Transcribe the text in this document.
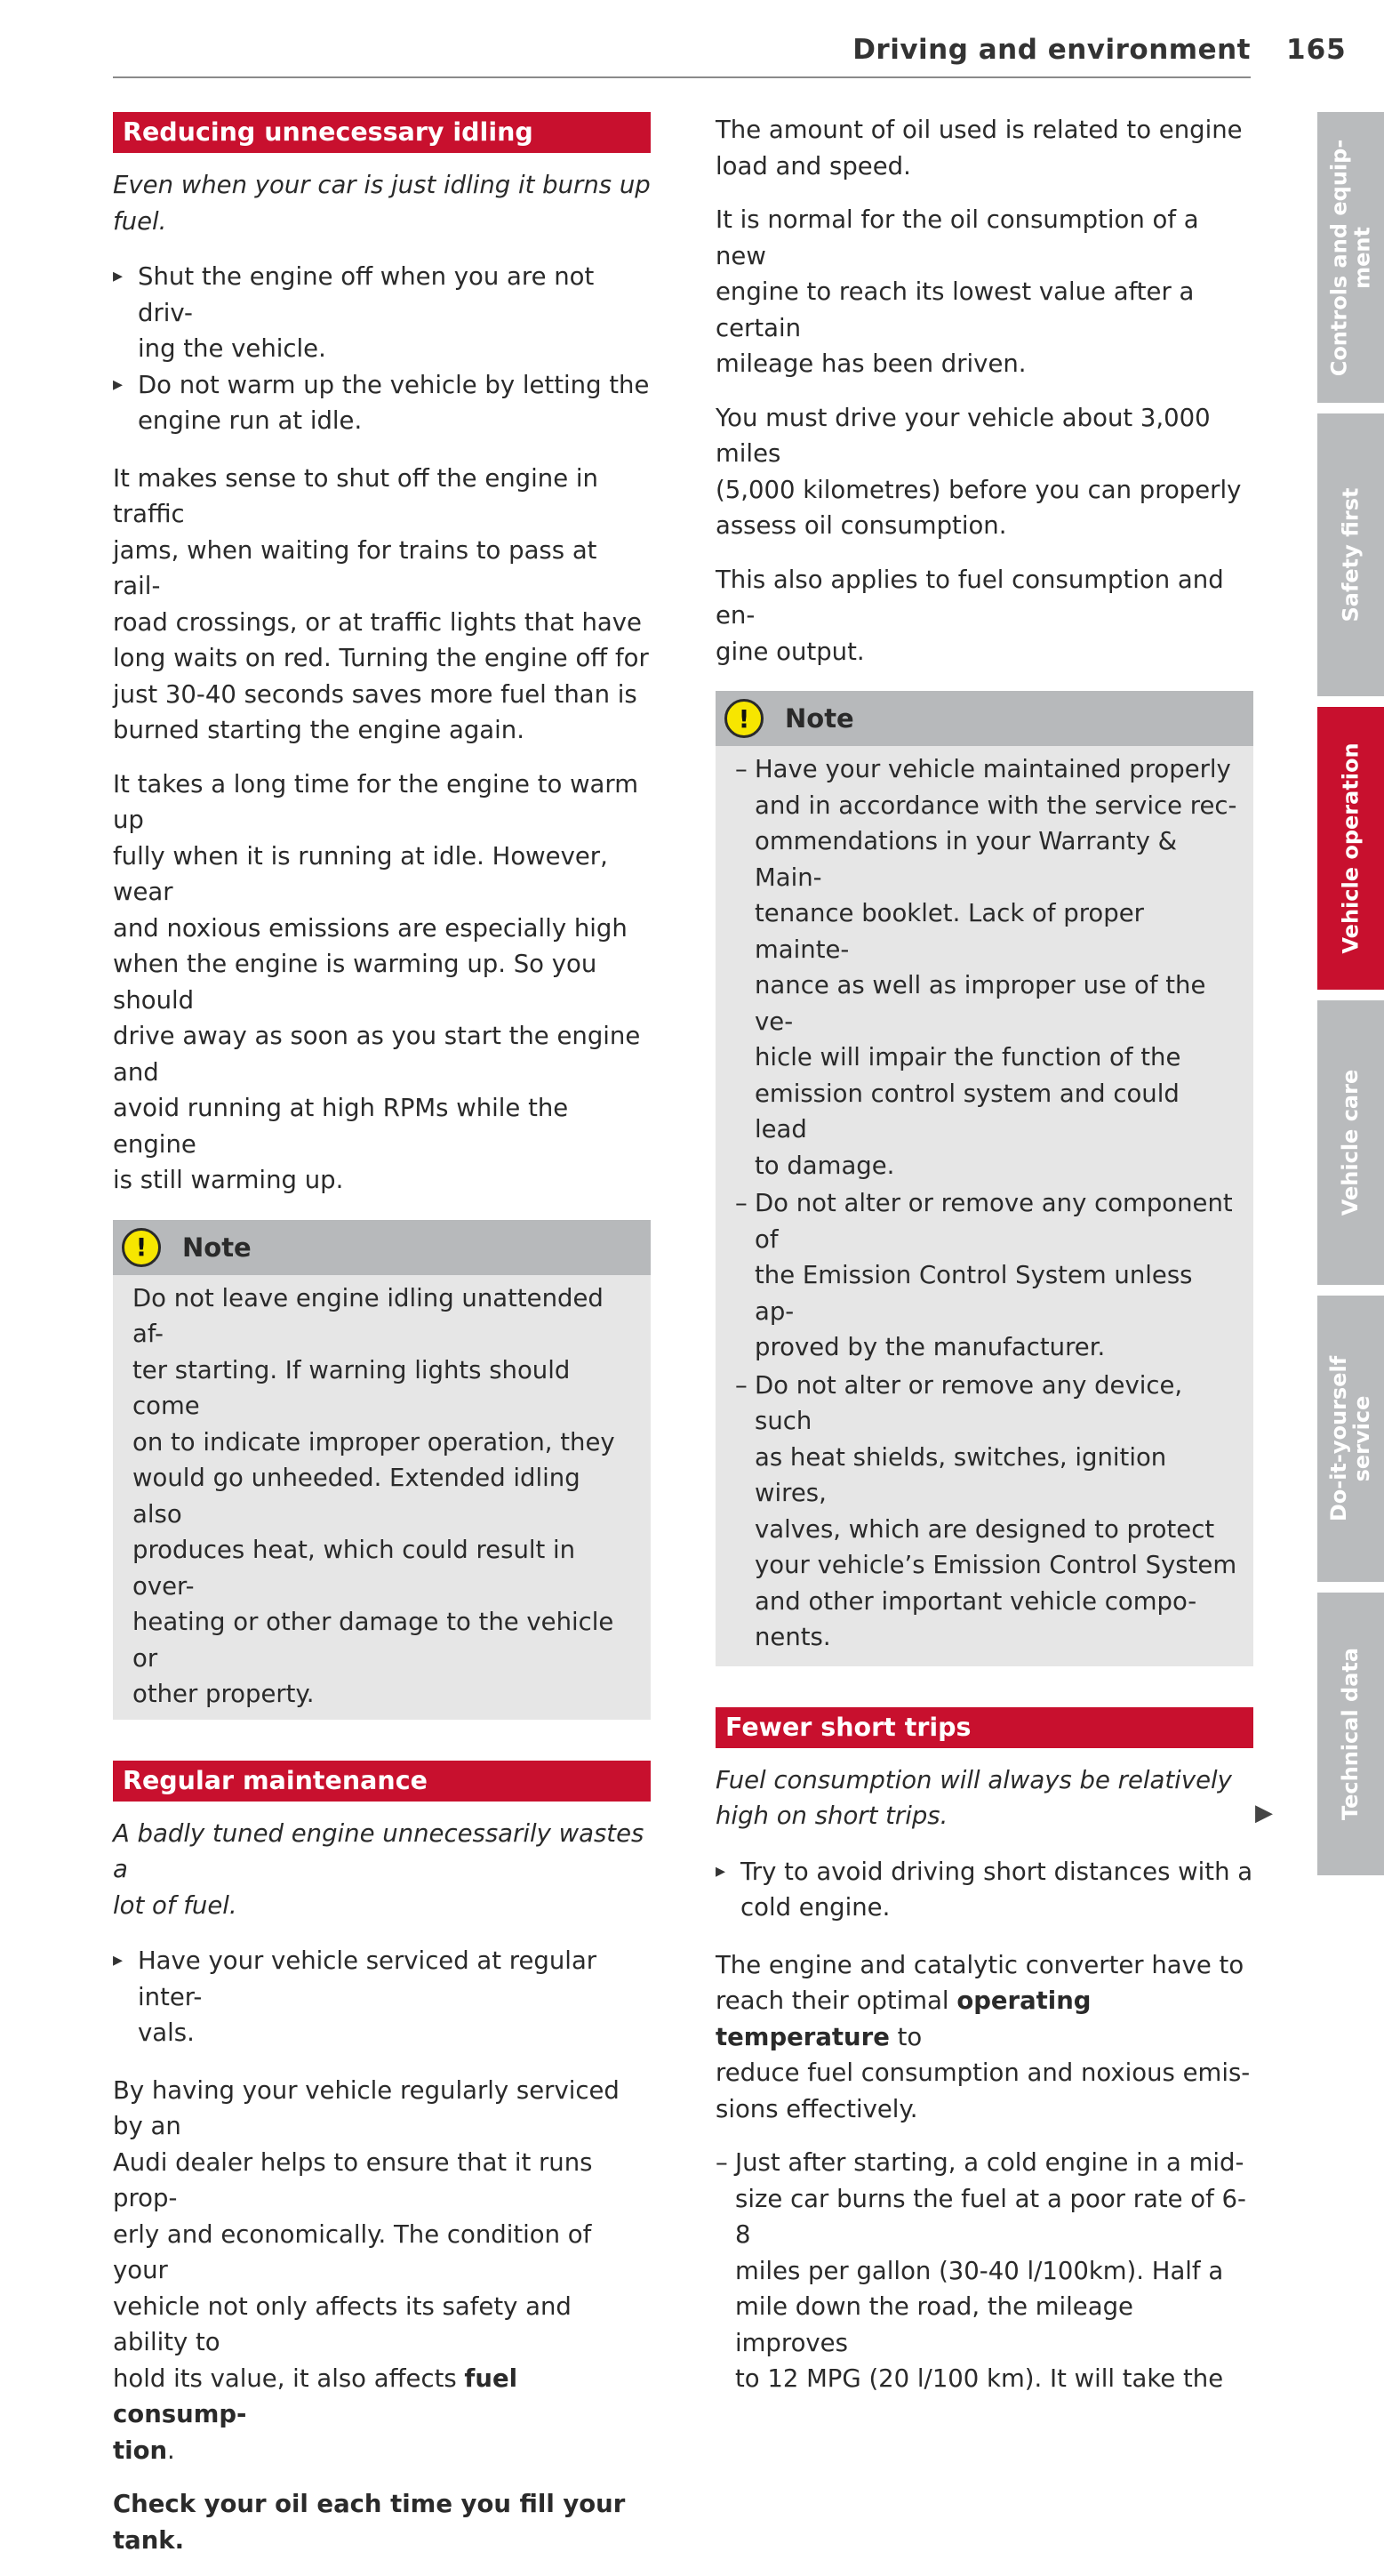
Driving and environment 165
Reducing unnecessary idling

Even when your car is just idling it burns up
fuel.

▸ Shut the engine off when you are not driv-
ing the vehicle.
▸ Do not warm up the vehicle by letting the
engine run at idle.

It makes sense to shut off the engine in traffic
jams, when waiting for trains to pass at rail-
road crossings, or at traffic lights that have
long waits on red. Turning the engine off for
just 30-40 seconds saves more fuel than is
burned starting the engine again.

It takes a long time for the engine to warm up
fully when it is running at idle. However, wear
and noxious emissions are especially high
when the engine is warming up. So you should
drive away as soon as you start the engine and
avoid running at high RPMs while the engine
is still warming up.

!	Note

Do not leave engine idling unattended af-
ter starting. If warning lights should come
on to indicate improper operation, they
would go unheeded. Extended idling also
produces heat, which could result in over-
heating or other damage to the vehicle or
other property.

Regular maintenance

A badly tuned engine unnecessarily wastes a
lot of fuel.

▸ Have your vehicle serviced at regular inter-
vals.

By having your vehicle regularly serviced by an
Audi dealer helps to ensure that it runs prop-
erly and economically. The condition of your
vehicle not only affects its safety and ability to
hold its value, it also affects fuel consump-
tion.

Check your oil each time you fill your tank.

The amount of oil used is related to engine
load and speed.

It is normal for the oil consumption of a new
engine to reach its lowest value after a certain
mileage has been driven.

You must drive your vehicle about 3,000 miles
(5,000 kilometres) before you can properly
assess oil consumption.

This also applies to fuel consumption and en-
gine output.

!	Note
– Have your vehicle maintained properly
and in accordance with the service rec-
ommendations in your Warranty & Main-
tenance booklet. Lack of proper mainte-
nance as well as improper use of the ve-
hicle will impair the function of the
emission control system and could lead
to damage.
– Do not alter or remove any component of
the Emission Control System unless ap-
proved by the manufacturer.
– Do not alter or remove any device, such
as heat shields, switches, ignition wires,
valves, which are designed to protect
your vehicle’s Emission Control System
and other important vehicle compo-
nents.
Fewer short trips

Fuel consumption will always be relatively
high on short trips.

▸ Try to avoid driving short distances with a
cold engine.

The engine and catalytic converter have to
reach their optimal operating temperature to
reduce fuel consumption and noxious emis-
sions effectively.

– Just after starting, a cold engine in a mid-
size car burns the fuel at a poor rate of 6-8
miles per gallon (30-40 l/100km). Half a
mile down the road, the mileage improves
to 12 MPG (20 l/100 km). It will take the
▶
Controls and equip-
ment
Safety first
Vehicle operation
Vehicle care
Do-it-yourself
service
Technical data
